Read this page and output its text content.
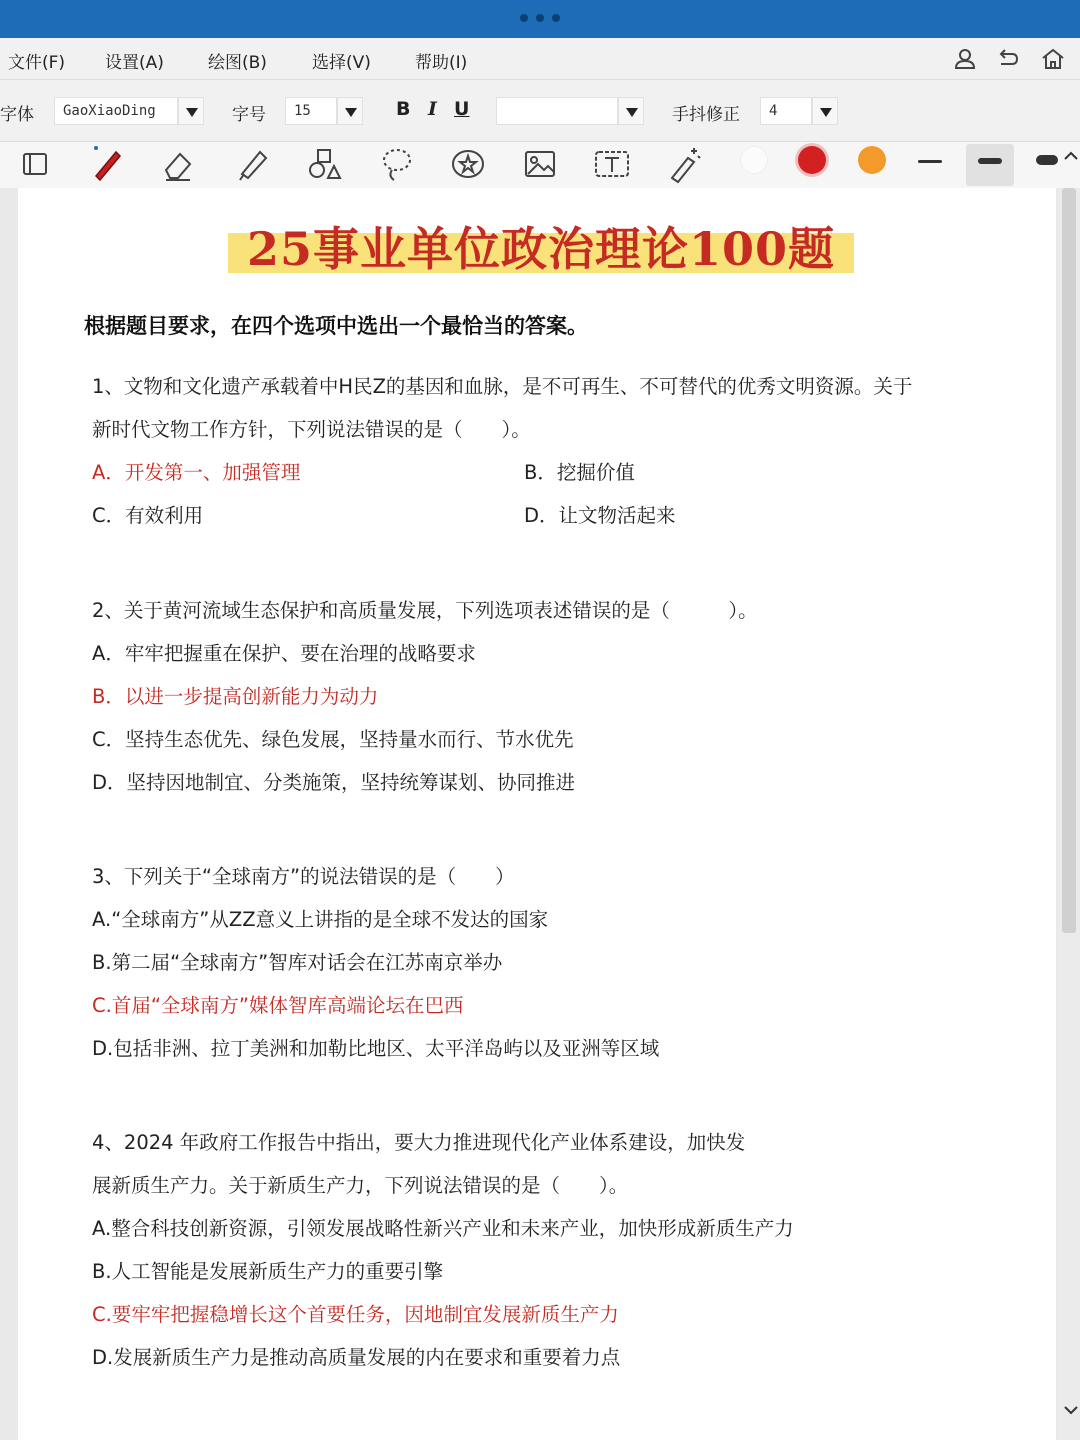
文件(F) 设置(A)	绘图(B)	选择(V)	帮助(I)
字体	GaoXiaoDing	字号	15	B I U	手抖修正	4
25事业单位政治理论100题
根据题目要求，在四个选项中选出一个最恰当的答案。
1、文物和文化遗产承载着中H民Z的基因和血脉，是不可再生、不可替代的优秀文明资源。关于
新时代文物工作方针，下列说法错误的是（　　）。
A．开发第一、加强管理	B．挖掘价值
C．有效利用	D．让文物活起来
2、关于黄河流域生态保护和高质量发展，下列选项表述错误的是（　　　）。
A．牢牢把握重在保护、要在治理的战略要求
B．以进一步提高创新能力为动力
C．坚持生态优先、绿色发展，坚持量水而行、节水优先
D．坚持因地制宜、分类施策，坚持统筹谋划、协同推进
3、下列关于“全球南方”的说法错误的是（　　）
A.“全球南方”从ZZ意义上讲指的是全球不发达的国家
B.第二届“全球南方”智库对话会在江苏南京举办
C.首届“全球南方”媒体智库高端论坛在巴西
D.包括非洲、拉丁美洲和加勒比地区、太平洋岛屿以及亚洲等区域
4、2024 年政府工作报告中指出，要大力推进现代化产业体系建设，加快发
展新质生产力。关于新质生产力，下列说法错误的是（　　）。
A.整合科技创新资源，引领发展战略性新兴产业和未来产业，加快形成新质生产力
B.人工智能是发展新质生产力的重要引擎
C.要牢牢把握稳增长这个首要任务，因地制宜发展新质生产力
D.发展新质生产力是推动高质量发展的内在要求和重要着力点
